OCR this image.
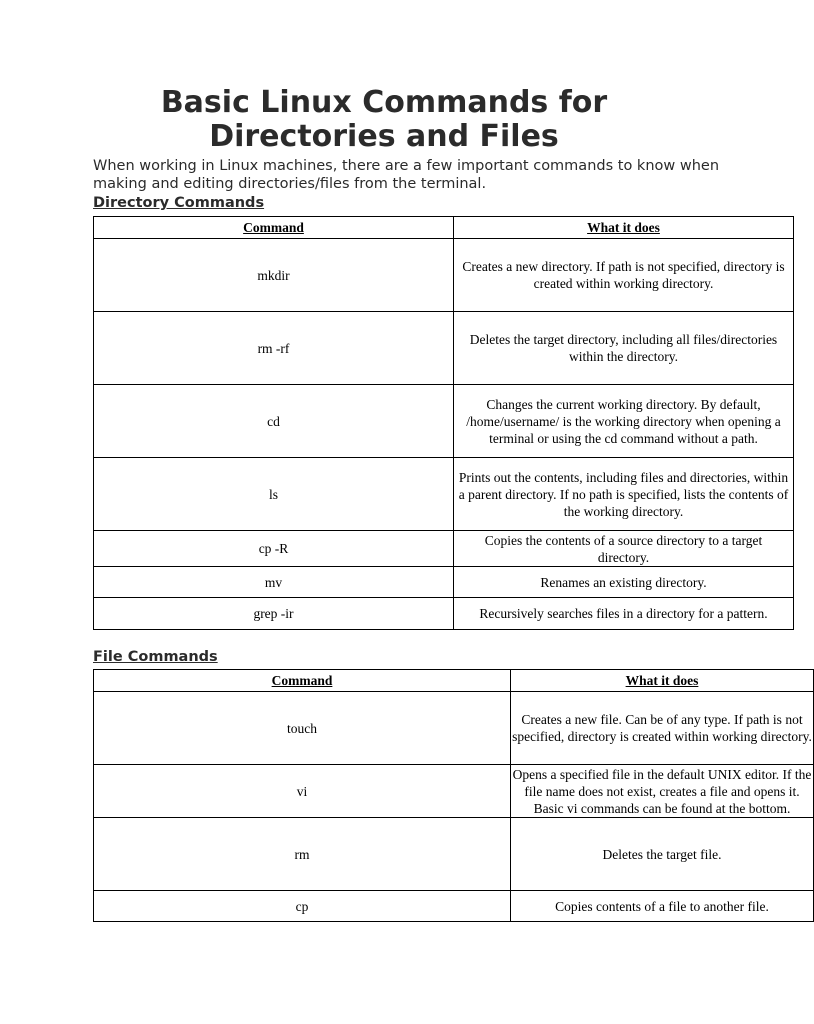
Basic Linux Commands for Directories and Files

When working in Linux machines, there are a few important commands to know when making and editing directories/files from the terminal.

Directory Commands
Command	What it does
mkdir	Creates a new directory. If path is not specified, directory is created within working directory.
rm -rf	Deletes the target directory, including all files/directories within the directory.
cd	Changes the current working directory. By default, /home/username/ is the working directory when opening a terminal or using the cd command without a path.
ls	Prints out the contents, including files and directories, within a parent directory. If no path is specified, lists the contents of the working directory.
cp -R	Copies the contents of a source directory to a target directory.
mv	Renames an existing directory.
grep -ir	Recursively searches files in a directory for a pattern.
File Commands
Command	What it does
touch	Creates a new file. Can be of any type. If path is not specified, directory is created within working directory.
vi	Opens a specified file in the default UNIX editor. If the file name does not exist, creates a file and opens it. Basic vi commands can be found at the bottom.
rm	Deletes the target file.
cp	Copies contents of a file to another file.
